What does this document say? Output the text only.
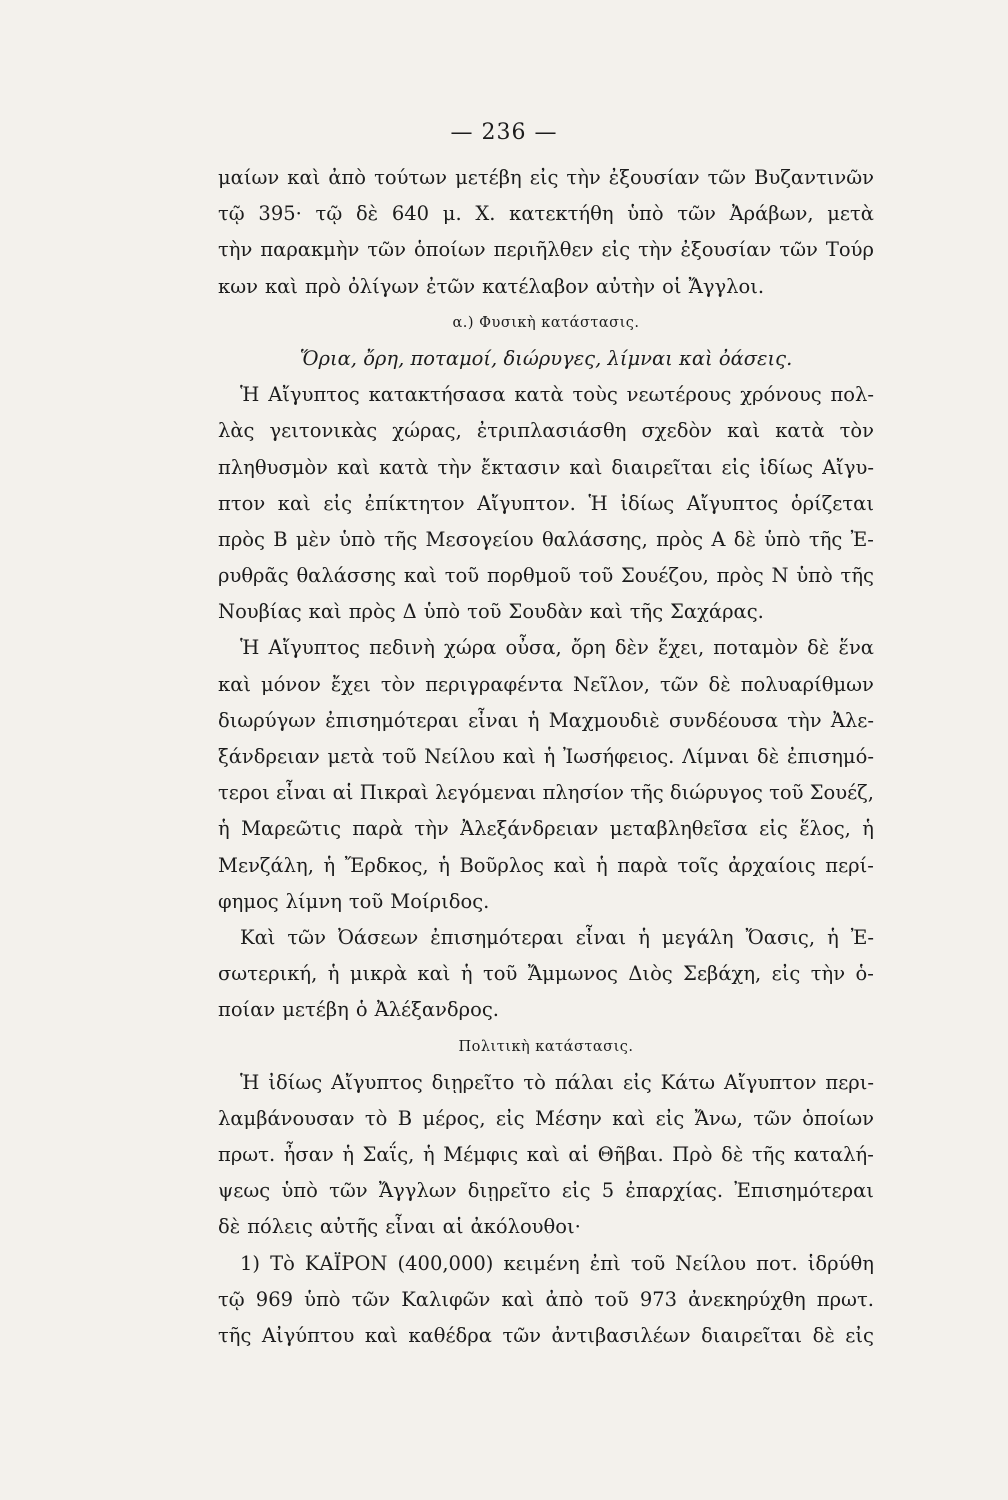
— 236 —
μαίων καὶ ἀπὸ τούτων μετέβη εἰς τὴν ἐξουσίαν τῶν Βυζαντινῶν
τῷ 395· τῷ δὲ 640 μ. Χ. κατεκτήθη ὑπὸ τῶν Ἀράβων, μετὰ
τὴν παρακμὴν τῶν ὁποίων περιῆλθεν εἰς τὴν ἐξουσίαν τῶν Τούρ
κων καὶ πρὸ ὀλίγων ἐτῶν κατέλαβον αὐτὴν οἱ Ἄγγλοι.
α.) Φυσικὴ κατάστασις.
Ὅρια, ὄρη, ποταμοί, διώρυγες, λίμναι καὶ ὀάσεις.
Ἡ Αἴγυπτος κατακτήσασα κατὰ τοὺς νεωτέρους χρόνους πολ-
λὰς γειτονικὰς χώρας, ἐτριπλασιάσθη σχεδὸν καὶ κατὰ τὸν
πληθυσμὸν καὶ κατὰ τὴν ἔκτασιν καὶ διαιρεῖται εἰς ἰδίως Αἴγυ-
πτον καὶ εἰς ἐπίκτητον Αἴγυπτον. Ἡ ἰδίως Αἴγυπτος ὁρίζεται
πρὸς Β μὲν ὑπὸ τῆς Μεσογείου θαλάσσης, πρὸς Α δὲ ὑπὸ τῆς Ἐ-
ρυθρᾶς θαλάσσης καὶ τοῦ πορθμοῦ τοῦ Σουέζου, πρὸς Ν ὑπὸ τῆς
Νουβίας καὶ πρὸς Δ ὑπὸ τοῦ Σουδὰν καὶ τῆς Σαχάρας.
Ἡ Αἴγυπτος πεδινὴ χώρα οὖσα, ὄρη δὲν ἔχει, ποταμὸν δὲ ἕνα
καὶ μόνον ἔχει τὸν περιγραφέντα Νεῖλον, τῶν δὲ πολυαρίθμων
διωρύγων ἐπισημότεραι εἶναι ἡ Μαχμουδιὲ συνδέουσα τὴν Ἀλε-
ξάνδρειαν μετὰ τοῦ Νείλου καὶ ἡ Ἰωσήφειος. Λίμναι δὲ ἐπισημό-
τεροι εἶναι αἱ Πικραὶ λεγόμεναι πλησίον τῆς διώρυγος τοῦ Σουέζ,
ἡ Μαρεῶτις παρὰ τὴν Ἀλεξάνδρειαν μεταβληθεῖσα εἰς ἕλος, ἡ
Μενζάλη, ἡ Ἔρδκος, ἡ Βοῦρλος καὶ ἡ παρὰ τοῖς ἀρχαίοις περί-
φημος λίμνη τοῦ Μοίριδος.
Καὶ τῶν Ὀάσεων ἐπισημότεραι εἶναι ἡ μεγάλη Ὄασις, ἡ Ἐ-
σωτερική, ἡ μικρὰ καὶ ἡ τοῦ Ἄμμωνος Διὸς Σεβάχη, εἰς τὴν ὁ-
ποίαν μετέβη ὁ Ἀλέξανδρος.
Πολιτικὴ κατάστασις.
Ἡ ἰδίως Αἴγυπτος διῃρεῖτο τὸ πάλαι εἰς Κάτω Αἴγυπτον περι-
λαμβάνουσαν τὸ Β μέρος, εἰς Μέσην καὶ εἰς Ἄνω, τῶν ὁποίων
πρωτ. ἦσαν ἡ Σαΐς, ἡ Μέμφις καὶ αἱ Θῆβαι. Πρὸ δὲ τῆς καταλή-
ψεως ὑπὸ τῶν Ἄγγλων διῃρεῖτο εἰς 5 ἐπαρχίας. Ἐπισημότεραι
δὲ πόλεις αὐτῆς εἶναι αἱ ἀκόλουθοι·
1) Τὸ ΚΑΪΡΟΝ (400,000) κειμένη ἐπὶ τοῦ Νείλου ποτ. ἱδρύθη
τῷ 969 ὑπὸ τῶν Καλιφῶν καὶ ἀπὸ τοῦ 973 ἀνεκηρύχθη πρωτ.
τῆς Αἰγύπτου καὶ καθέδρα τῶν ἀντιβασιλέων διαιρεῖται δὲ εἰς
